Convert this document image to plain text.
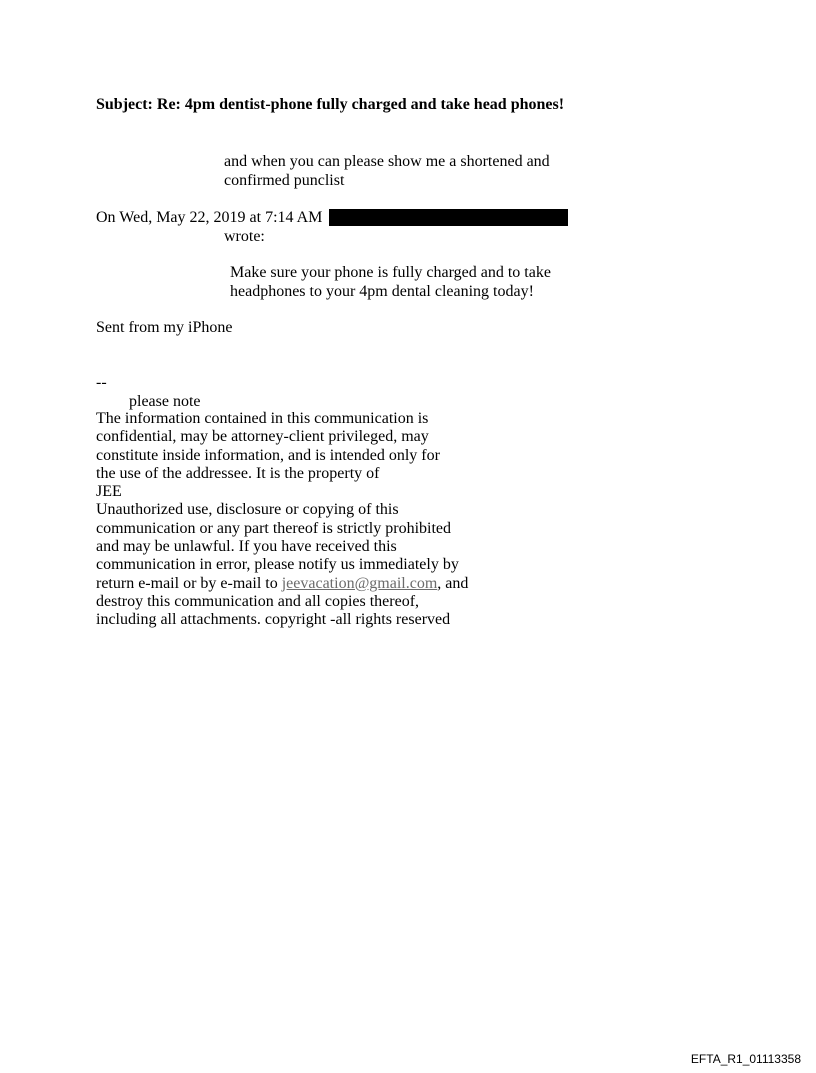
Subject: Re: 4pm dentist-phone fully charged and take head phones!
and when you can please show me a shortened and
confirmed punclist
On Wed, May 22, 2019 at 7:14 AM
wrote:
Make sure your phone is fully charged and to take
headphones to your 4pm dental cleaning today!
Sent from my iPhone
--
please note
The information contained in this communication is
confidential, may be attorney-client privileged, may
constitute inside information, and is intended only for
the use of the addressee. It is the property of
JEE
Unauthorized use, disclosure or copying of this
communication or any part thereof is strictly prohibited
and may be unlawful. If you have received this
communication in error, please notify us immediately by
return e-mail or by e-mail to jeevacation@gmail.com, and
destroy this communication and all copies thereof,
including all attachments. copyright -all rights reserved
EFTA_R1_01113358
